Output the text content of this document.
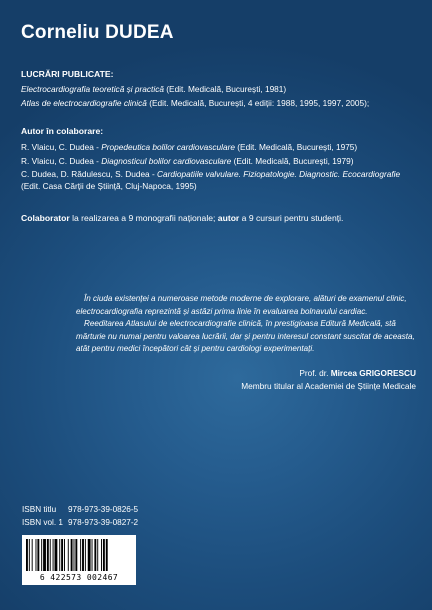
Corneliu DUDEA
LUCRĂRI PUBLICATE:
Electrocardiografia teoretică și practică (Edit. Medicală, București, 1981)
Atlas de electrocardiografie clinică (Edit. Medicală, București, 4 ediții: 1988, 1995, 1997, 2005);
Autor în colaborare:
R. Vlaicu, C. Dudea - Propedeutica bolilor cardiovasculare (Edit. Medicală, București, 1975)
R. Vlaicu, C. Dudea - Diagnosticul bolilor cardiovasculare (Edit. Medicală, București, 1979)
C. Dudea, D. Rădulescu, S. Dudea - Cardiopatiile valvulare. Fiziopatologie. Diagnostic. Ecocardiografie (Edit. Casa Cărții de Știință, Cluj-Napoca, 1995)
Colaborator la realizarea a 9 monografii naționale; autor a 9 cursuri pentru studenți.

În ciuda existenței a numeroase metode moderne de explorare, alături de examenul clinic, electrocardiografia reprezintă și astăzi prima linie în evaluarea bolnavului cardiac.

Reeditarea Atlasului de electrocardiografie clinică, în prestigioasa Editură Medicală, stă mărturie nu numai pentru valoarea lucrării, dar și pentru interesul constant suscitat de aceasta, atât pentru medici începători cât și pentru cardiologi experimentați.

Prof. dr. Mircea GRIGORESCU
Membru titular al Academiei de Științe Medicale
ISBN titlu 978-973-39-0826-5
ISBN vol. 1 978-973-39-0827-2
6 422573 002467
